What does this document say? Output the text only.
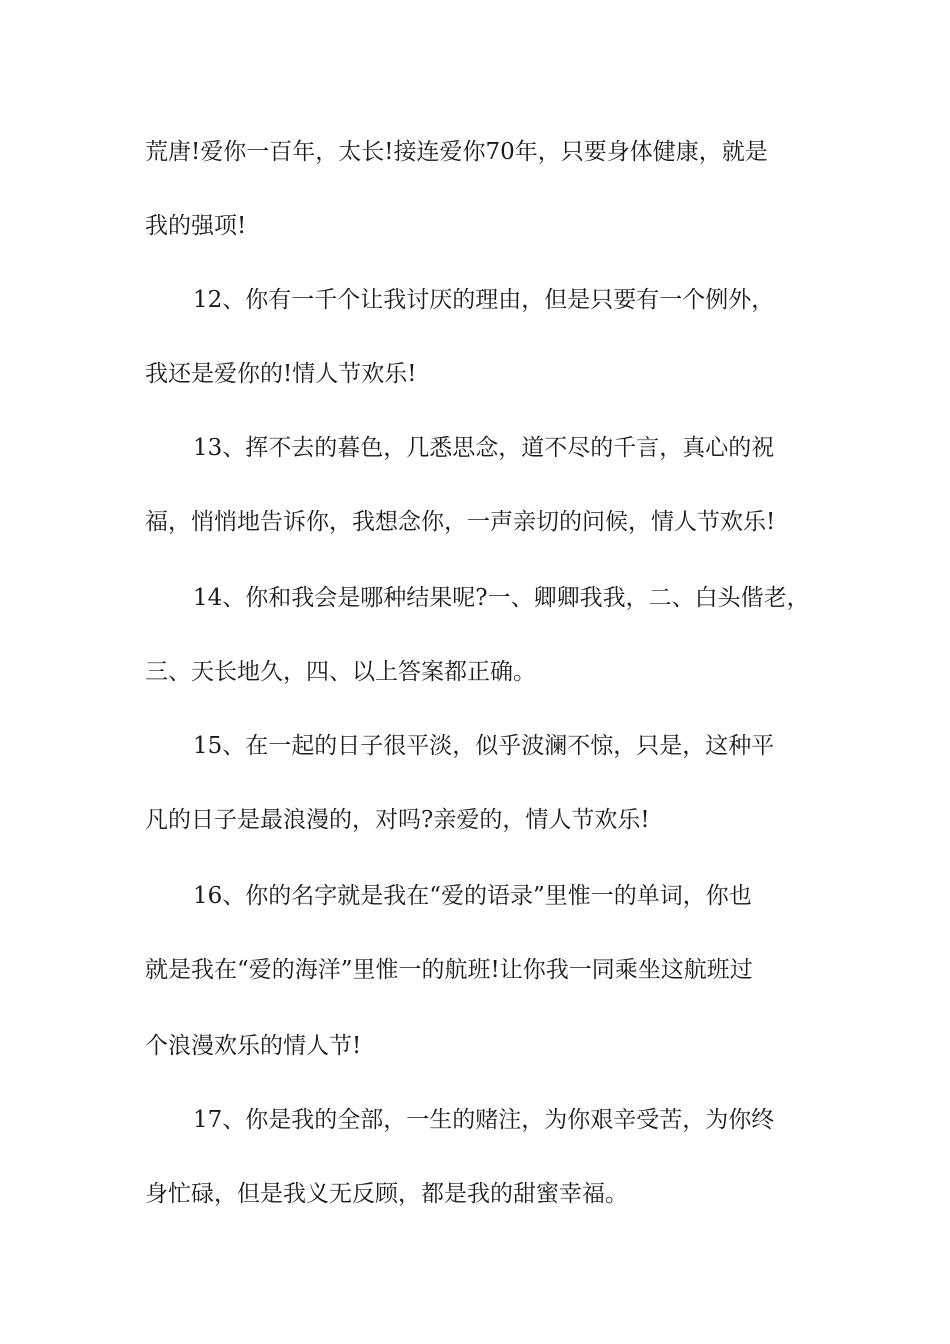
荒唐!爱你一百年，太长!接连爱你70年，只要身体健康，就是
我的强项!
12、你有一千个让我讨厌的理由，但是只要有一个例外，
我还是爱你的!情人节欢乐!
13、挥不去的暮色，几悉思念，道不尽的千言，真心的祝
福，悄悄地告诉你，我想念你，一声亲切的问候，情人节欢乐!
14、你和我会是哪种结果呢?一、卿卿我我，二、白头偕老，
三、天长地久，四、以上答案都正确。
15、在一起的日子很平淡，似乎波澜不惊，只是，这种平
凡的日子是最浪漫的，对吗?亲爱的，情人节欢乐!
16、你的名字就是我在“爱的语录”里惟一的单词，你也
就是我在“爱的海洋”里惟一的航班!让你我一同乘坐这航班过
个浪漫欢乐的情人节!
17、你是我的全部，一生的赌注，为你艰辛受苦，为你终
身忙碌，但是我义无反顾，都是我的甜蜜幸福。
